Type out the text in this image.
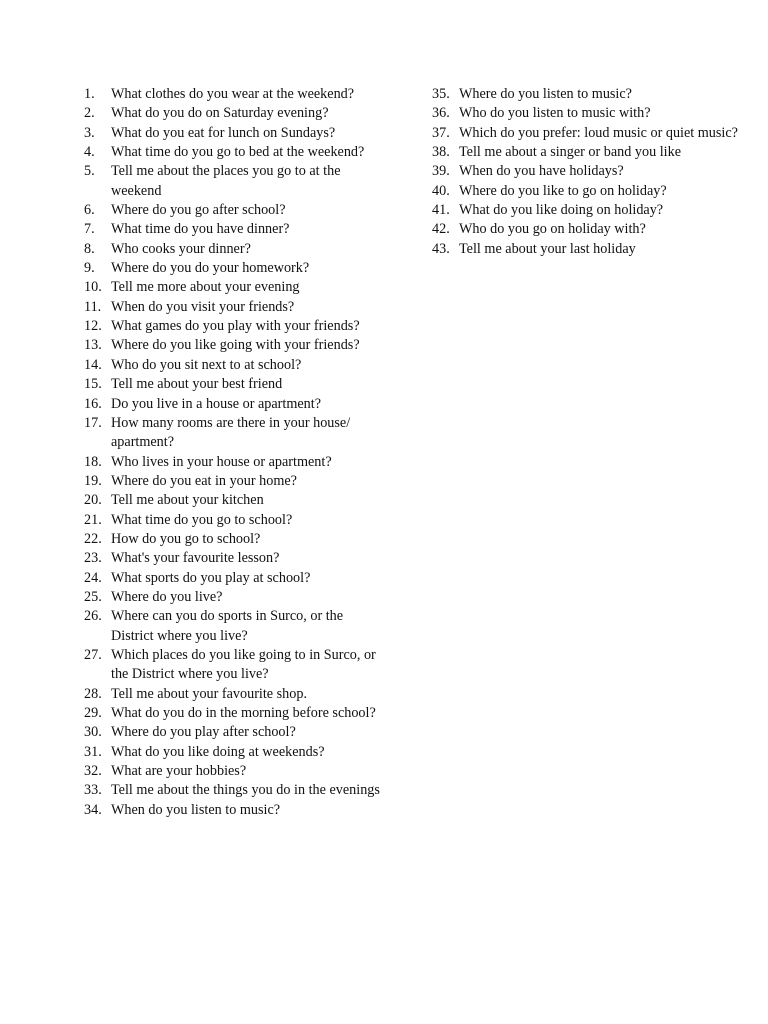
1.	What clothes do you wear at the weekend?
2.	What do you do on Saturday evening?
3.	What do you eat for lunch on Sundays?
4.	What time do you go to bed at the weekend?
5.	Tell me about the places you go to at the weekend
6.	Where do you go after school?
7.	What time do you have dinner?
8.	Who cooks your dinner?
9.	Where do you do your homework?
10. Tell me more about your evening
11. When do you visit your friends?
12. What games do you play with your friends?
13. Where do you like going with your friends?
14. Who do you sit next to at school?
15. Tell me about your best friend
16. Do you live in a house or apartment?
17. How many rooms are there in your house/ apartment?
18. Who lives in your house or apartment?
19. Where do you eat in your home?
20. Tell me about your kitchen
21. What time do you go to school?
22. How do you go to school?
23. What's your favourite lesson?
24. What sports do you play at school?
25. Where do you live?
26. Where can you do sports in Surco, or the District where you live?
27. Which places do you like going to in Surco, or the District where you live?
28. Tell me about your favourite shop.
29. What do you do in the morning before school?
30. Where do you play after school?
31. What do you like doing at weekends?
32. What are your hobbies?
33. Tell me about the things you do in the evenings
34. When do you listen to music?
35. Where do you listen to music?
36. Who do you listen to music with?
37. Which do you prefer: loud music or quiet music?
38. Tell me about a singer or band you like
39. When do you have holidays?
40. Where do you like to go on holiday?
41. What do you like doing on holiday?
42. Who do you go on holiday with?
43. Tell me about your last holiday
